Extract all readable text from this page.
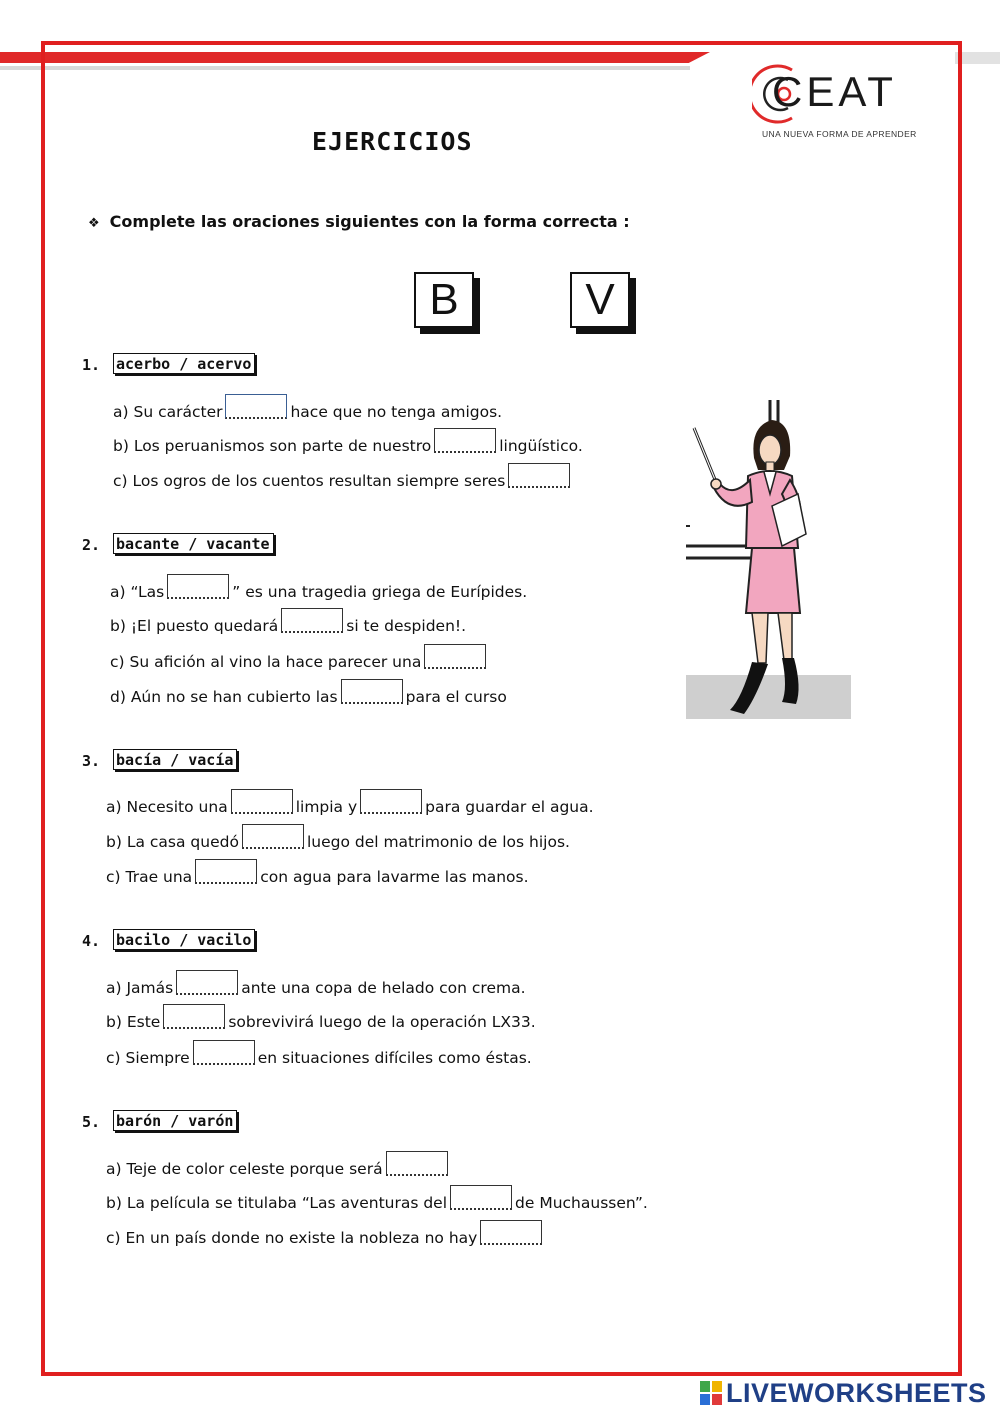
CEAT
UNA NUEVA FORMA DE APRENDER
EJERCICIOS
❖ Complete las oraciones siguientes con la forma correcta :
B	V
1. acerbo / acervo
a) Su carácter	hace que no tenga amigos.
b) Los peruanismos son parte de nuestro	lingüístico.
c) Los ogros de los cuentos resultan siempre seres
2. bacante / vacante
a) “Las	” es una tragedia griega de Eurípides.
b) ¡El puesto quedará	si te despiden!.
c) Su afición al vino la hace parecer una
d) Aún no se han cubierto las	para el curso
3. bacía / vacía
a) Necesito una	limpia y	para guardar el agua.
b) La casa quedó	luego del matrimonio de los hijos.
c) Trae una	con agua para lavarme las manos.
4. bacilo / vacilo
a) Jamás	ante una copa de helado con crema.
b) Este	sobrevivirá luego de la operación LX33.
c) Siempre	en situaciones difíciles como éstas.
5. barón / varón
a) Teje de color celeste porque será
b) La película se titulaba “Las aventuras del	de Muchaussen”.
c) En un país donde no existe la nobleza no hay
LIVEWORKSHEETS
